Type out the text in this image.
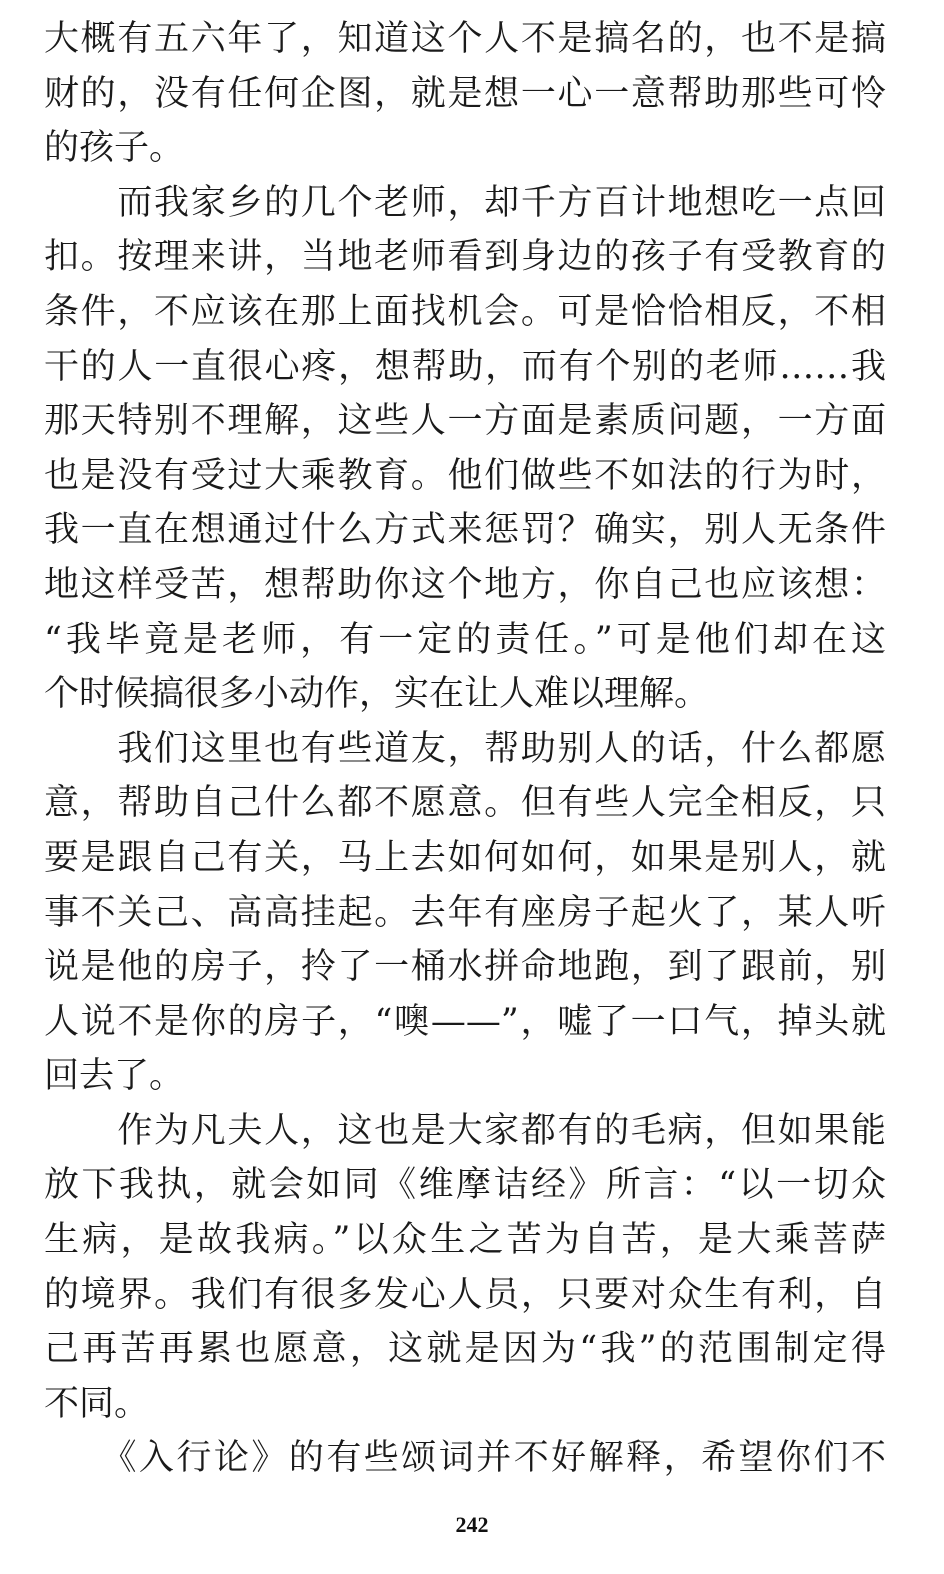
大概有五六年了，知道这个人不是搞名的，也不是搞
财的，没有任何企图，就是想一心一意帮助那些可怜
的孩子。

　　而我家乡的几个老师，却千方百计地想吃一点回
扣。按理来讲，当地老师看到身边的孩子有受教育的
条件，不应该在那上面找机会。可是恰恰相反，不相
干的人一直很心疼，想帮助，而有个别的老师……我
那天特别不理解，这些人一方面是素质问题，一方面
也是没有受过大乘教育。他们做些不如法的行为时，
我一直在想通过什么方式来惩罚？确实，别人无条件
地这样受苦，想帮助你这个地方，你自己也应该想：
“我毕竟是老师，有一定的责任。”可是他们却在这
个时候搞很多小动作，实在让人难以理解。

　　我们这里也有些道友，帮助别人的话，什么都愿
意，帮助自己什么都不愿意。但有些人完全相反，只
要是跟自己有关，马上去如何如何，如果是别人，就
事不关己、高高挂起。去年有座房子起火了，某人听
说是他的房子，拎了一桶水拼命地跑，到了跟前，别
人说不是你的房子，“噢——”，嘘了一口气，掉头就
回去了。

　　作为凡夫人，这也是大家都有的毛病，但如果能
放下我执，就会如同《维摩诘经》所言：“以一切众
生病，是故我病。”以众生之苦为自苦，是大乘菩萨
的境界。我们有很多发心人员，只要对众生有利，自
己再苦再累也愿意，这就是因为“我”的范围制定得
不同。

　　《入行论》的有些颂词并不好解释，希望你们不

242
